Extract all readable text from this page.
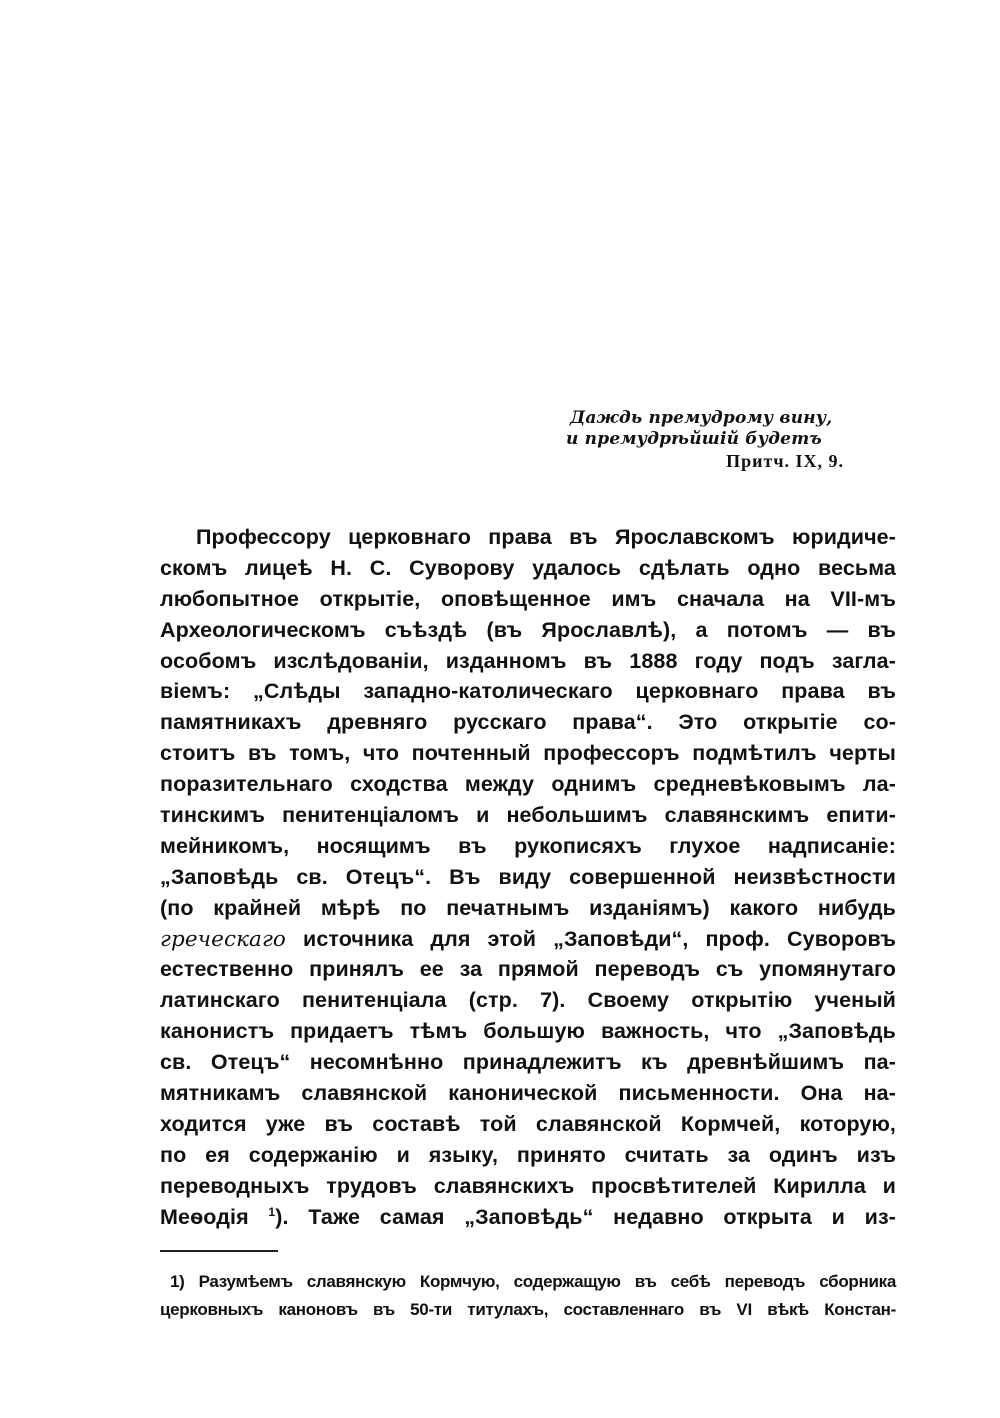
Даждь премудрому вину,
и премудрѣйшій будетъ
Притч. IX, 9.
Профессору церковнаго права въ Ярославскомъ юридиче-
скомъ лицеѣ Н. С. Суворову удалось сдѣлать одно весьма
любопытное открытіе, оповѣщенное имъ сначала на VII-мъ
Археологическомъ съѣздѣ (въ Ярославлѣ), а потомъ — въ
особомъ изслѣдованіи, изданномъ въ 1888 году подъ загла-
віемъ: „Слѣды западно-католическаго церковнаго права въ
памятникахъ древняго русскаго права“. Это открытіе со-
стоитъ въ томъ, что почтенный профессоръ подмѣтилъ черты
поразительнаго сходства между однимъ средневѣковымъ ла-
тинскимъ пенитенціаломъ и небольшимъ славянскимъ епити-
мейникомъ, носящимъ въ рукописяхъ глухое надписаніе:
„Заповѣдь св. Отецъ“. Въ виду совершенной неизвѣстности
(по крайней мѣрѣ по печатнымъ изданіямъ) какого нибудь
греческаго источника для этой „Заповѣди“, проф. Суворовъ
естественно принялъ ее за прямой переводъ съ упомянутаго
латинскаго пенитенціала (стр. 7). Своему открытію ученый
канонистъ придаетъ тѣмъ большую важность, что „Заповѣдь
св. Отецъ“ несомнѣнно принадлежитъ къ древнѣйшимъ па-
мятникамъ славянской канонической письменности. Она на-
ходится уже въ составѣ той славянской Кормчей, которую,
по ея содержанію и языку, принято считать за одинъ изъ
переводныхъ трудовъ славянскихъ просвѣтителей Кирилла и
Меѳодія $^1$). Таже самая „Заповѣдь“ недавно открыта и из-
1) Разумѣемъ славянскую Кормчую, содержащую въ себѣ переводъ сборника
церковныхъ каноновъ въ 50-ти титулахъ, составленнаго въ VI вѣкѣ Констан-
